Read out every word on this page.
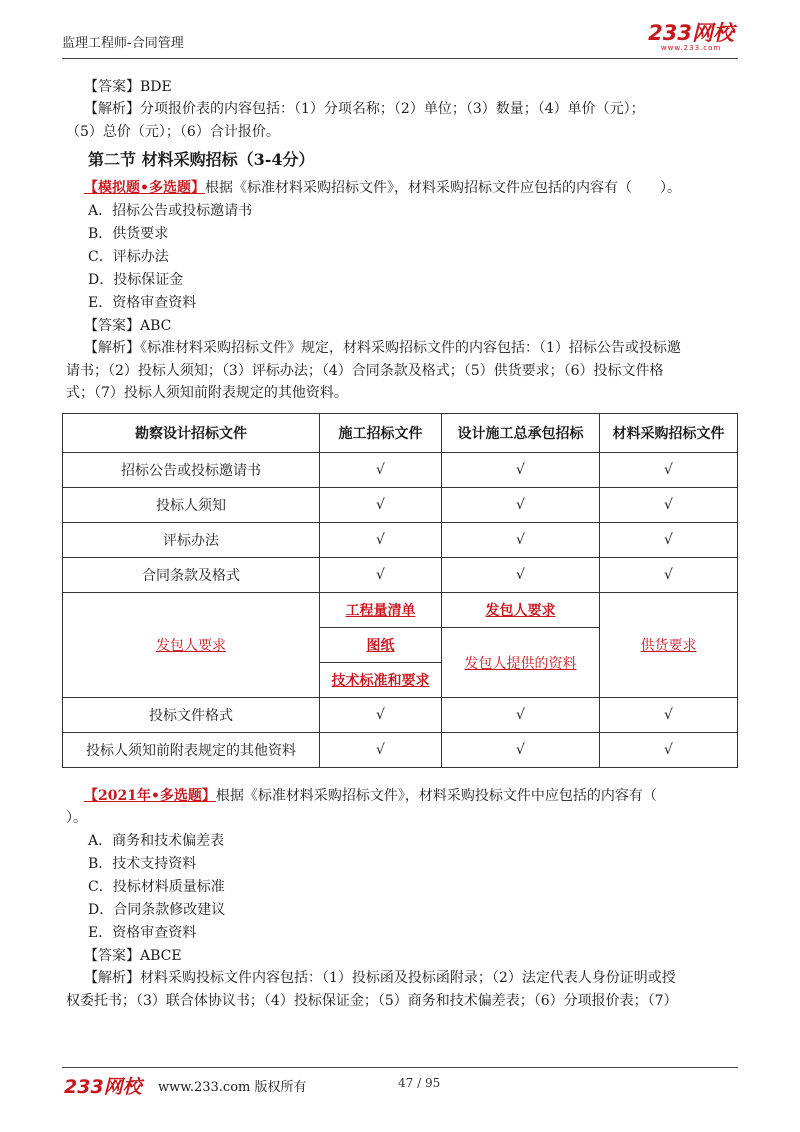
监理工程师-合同管理	233网校
www.233.com
【答案】BDE
【解析】分项报价表的内容包括：（1）分项名称；（2）单位；（3）数量；（4）单价（元）；
（5）总价（元）；（6）合计报价。
第二节 材料采购招标（3-4分）
【模拟题•多选题】根据《标准材料采购招标文件》，材料采购招标文件应包括的内容有（　　）。
A．招标公告或投标邀请书
B．供货要求
C．评标办法
D．投标保证金
E．资格审查资料
【答案】ABC
【解析】《标准材料采购招标文件》规定，材料采购招标文件的内容包括：（1）招标公告或投标邀
请书；（2）投标人须知；（3）评标办法；（4）合同条款及格式；（5）供货要求；（6）投标文件格
式；（7）投标人须知前附表规定的其他资料。
勘察设计招标文件	施工招标文件	设计施工总承包招标	材料采购招标文件
招标公告或投标邀请书	√	√	√
投标人须知	√	√	√
评标办法	√	√	√
合同条款及格式	√	√	√
发包人要求	工程量清单	发包人要求	供货要求
	图纸	发包人提供的资料	
	技术标准和要求		
投标文件格式	√	√	√
投标人须知前附表规定的其他资料	√	√	√
【2021年•多选题】根据《标准材料采购招标文件》，材料采购投标文件中应包括的内容有（
）。
A．商务和技术偏差表
B．技术支持资料
C．投标材料质量标准
D．合同条款修改建议
E．资格审查资料
【答案】ABCE
【解析】材料采购投标文件内容包括：（1）投标函及投标函附录；（2）法定代表人身份证明或授
权委托书；（3）联合体协议书；（4）投标保证金；（5）商务和技术偏差表；（6）分项报价表；（7）
233网校 www.233.com 版权所有	47 / 95
